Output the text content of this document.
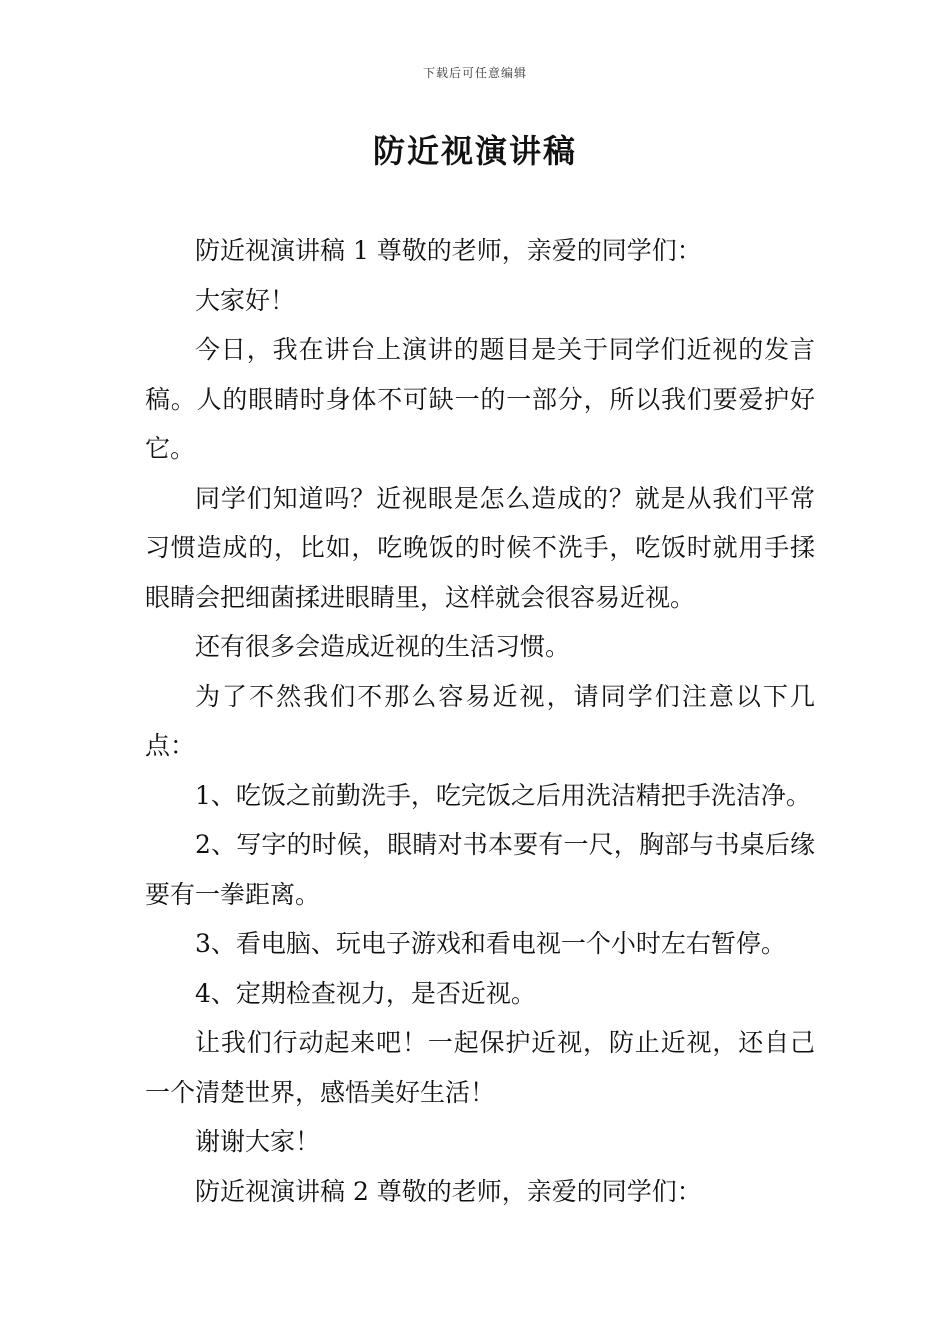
下载后可任意编辑
防近视演讲稿

防近视演讲稿 1 尊敬的老师，亲爱的同学们：

大家好！

今日，我在讲台上演讲的题目是关于同学们近视的发言稿。人的眼睛时身体不可缺一的一部分，所以我们要爱护好它。

同学们知道吗？近视眼是怎么造成的？就是从我们平常习惯造成的，比如，吃晚饭的时候不洗手，吃饭时就用手揉眼睛会把细菌揉进眼睛里，这样就会很容易近视。

还有很多会造成近视的生活习惯。

为了不然我们不那么容易近视，请同学们注意以下几点：

1、吃饭之前勤洗手，吃完饭之后用洗洁精把手洗洁净。

2、写字的时候，眼睛对书本要有一尺，胸部与书桌后缘要有一拳距离。

3、看电脑、玩电子游戏和看电视一个小时左右暂停。

4、定期检查视力，是否近视。

让我们行动起来吧！一起保护近视，防止近视，还自己一个清楚世界，感悟美好生活！

谢谢大家！

防近视演讲稿 2 尊敬的老师，亲爱的同学们：
